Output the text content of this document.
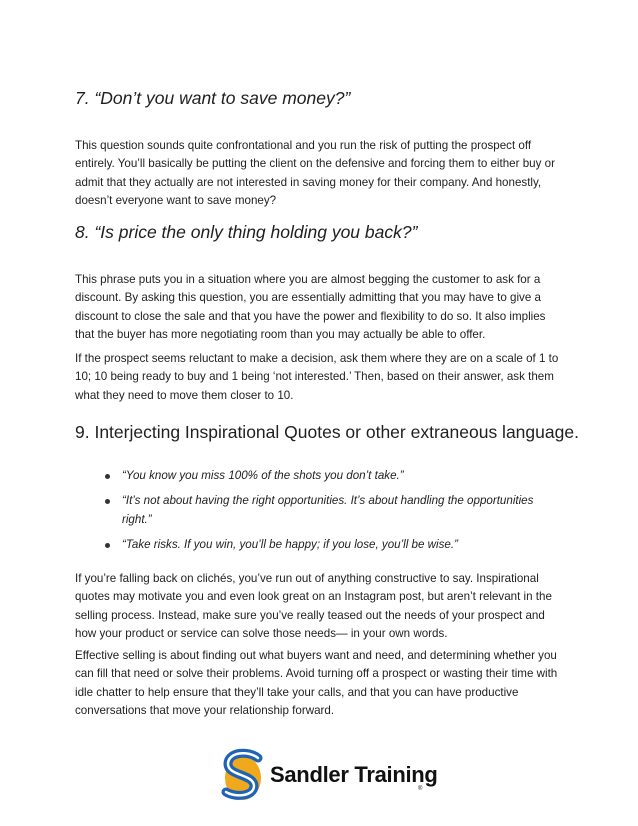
7. “Don’t you want to save money?”
This question sounds quite confrontational and you run the risk of putting the prospect off entirely. You’ll basically be putting the client on the defensive and forcing them to either buy or admit that they actually are not interested in saving money for their company. And honestly, doesn’t everyone want to save money?
8. “Is price the only thing holding you back?”
This phrase puts you in a situation where you are almost begging the customer to ask for a discount. By asking this question, you are essentially admitting that you may have to give a discount to close the sale and that you have the power and flexibility to do so. It also implies that the buyer has more negotiating room than you may actually be able to offer.
If the prospect seems reluctant to make a decision, ask them where they are on a scale of 1 to 10; 10 being ready to buy and 1 being ‘not interested.’ Then, based on their answer, ask them what they need to move them closer to 10.
9. Interjecting Inspirational Quotes or other extraneous language.
“You know you miss 100% of the shots you don’t take.”
“It’s not about having the right opportunities. It’s about handling the opportunities right.”
“Take risks. If you win, you’ll be happy; if you lose, you’ll be wise.”
If you’re falling back on clichés, you’ve run out of anything constructive to say. Inspirational quotes may motivate you and even look great on an Instagram post, but aren’t relevant in the selling process. Instead, make sure you’ve really teased out the needs of your prospect and how your product or service can solve those needs— in your own words.
Effective selling is about finding out what buyers want and need, and determining whether you can fill that need or solve their problems. Avoid turning off a prospect or wasting their time with idle chatter to help ensure that they’ll take your calls, and that you can have productive conversations that move your relationship forward.
Sandler Training
®
